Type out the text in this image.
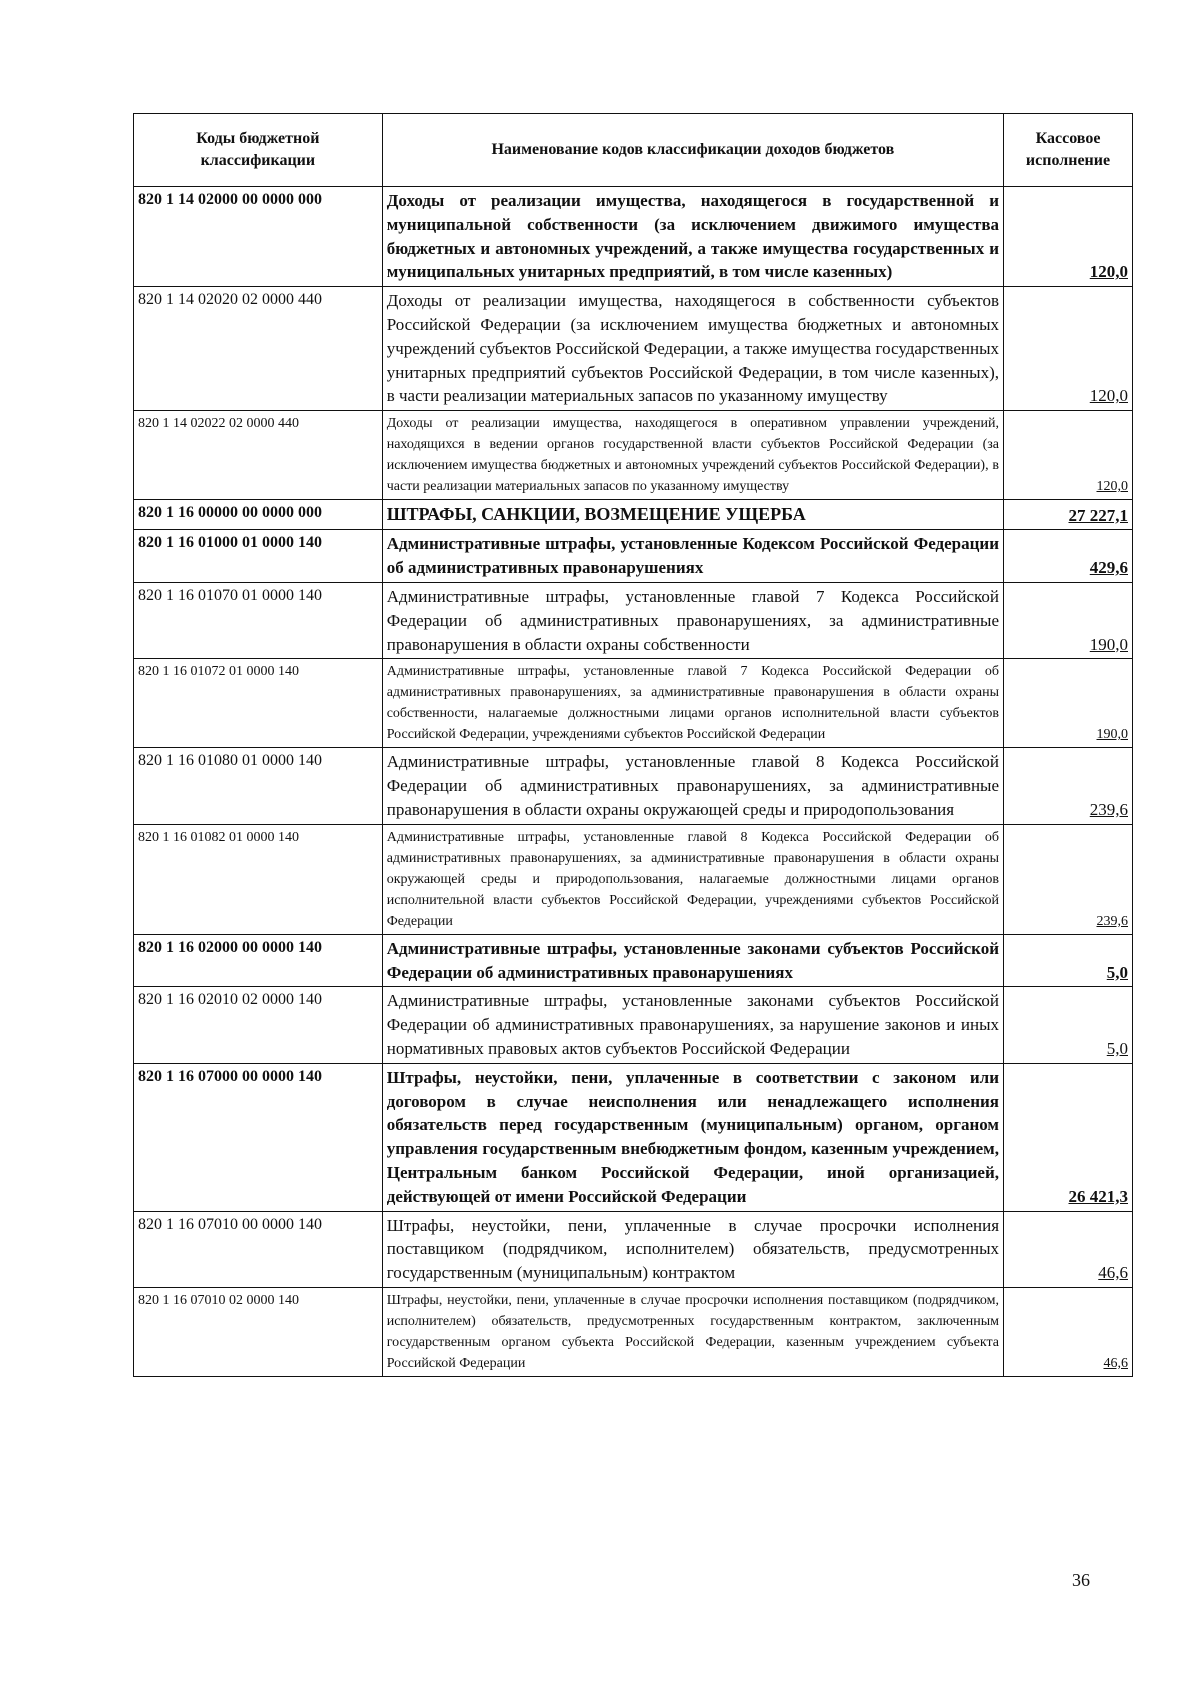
Коды бюджетной классификации	Наименование кодов классификации доходов бюджетов	Кассовое исполнение
820 1 14 02000 00 0000 000	Доходы от реализации имущества, находящегося в государственной и муниципальной собственности (за исключением движимого имущества бюджетных и автономных учреждений, а также имущества государственных и муниципальных унитарных предприятий, в том числе казенных)	120,0
820 1 14 02020 02 0000 440	Доходы от реализации имущества, находящегося в собственности субъектов Российской Федерации (за исключением имущества бюджетных и автономных учреждений субъектов Российской Федерации, а также имущества государственных унитарных предприятий субъектов Российской Федерации, в том числе казенных), в части реализации материальных запасов по указанному имуществу	120,0
820 1 14 02022 02 0000 440	Доходы от реализации имущества, находящегося в оперативном управлении учреждений, находящихся в ведении органов государственной власти субъектов Российской Федерации (за исключением имущества бюджетных и автономных учреждений субъектов Российской Федерации), в части реализации материальных запасов по указанному имуществу	120,0
820 1 16 00000 00 0000 000	ШТРАФЫ, САНКЦИИ, ВОЗМЕЩЕНИЕ УЩЕРБА	27 227,1
820 1 16 01000 01 0000 140	Административные штрафы, установленные Кодексом Российской Федерации об административных правонарушениях	429,6
820 1 16 01070 01 0000 140	Административные штрафы, установленные главой 7 Кодекса Российской Федерации об административных правонарушениях, за административные правонарушения в области охраны собственности	190,0
820 1 16 01072 01 0000 140	Административные штрафы, установленные главой 7 Кодекса Российской Федерации об административных правонарушениях, за административные правонарушения в области охраны собственности, налагаемые должностными лицами органов исполнительной власти субъектов Российской Федерации, учреждениями субъектов Российской Федерации	190,0
820 1 16 01080 01 0000 140	Административные штрафы, установленные главой 8 Кодекса Российской Федерации об административных правонарушениях, за административные правонарушения в области охраны окружающей среды и природопользования	239,6
820 1 16 01082 01 0000 140	Административные штрафы, установленные главой 8 Кодекса Российской Федерации об административных правонарушениях, за административные правонарушения в области охраны окружающей среды и природопользования, налагаемые должностными лицами органов исполнительной власти субъектов Российской Федерации, учреждениями субъектов Российской Федерации	239,6
820 1 16 02000 00 0000 140	Административные штрафы, установленные законами субъектов Российской Федерации об административных правонарушениях	5,0
820 1 16 02010 02 0000 140	Административные штрафы, установленные законами субъектов Российской Федерации об административных правонарушениях, за нарушение законов и иных нормативных правовых актов субъектов Российской Федерации	5,0
820 1 16 07000 00 0000 140	Штрафы, неустойки, пени, уплаченные в соответствии с законом или договором в случае неисполнения или ненадлежащего исполнения обязательств перед государственным (муниципальным) органом, органом управления государственным внебюджетным фондом, казенным учреждением, Центральным банком Российской Федерации, иной организацией, действующей от имени Российской Федерации	26 421,3
820 1 16 07010 00 0000 140	Штрафы, неустойки, пени, уплаченные в случае просрочки исполнения поставщиком (подрядчиком, исполнителем) обязательств, предусмотренных государственным (муниципальным) контрактом	46,6
820 1 16 07010 02 0000 140	Штрафы, неустойки, пени, уплаченные в случае просрочки исполнения поставщиком (подрядчиком, исполнителем) обязательств, предусмотренных государственным контрактом, заключенным государственным органом субъекта Российской Федерации, казенным учреждением субъекта Российской Федерации	46,6
36
